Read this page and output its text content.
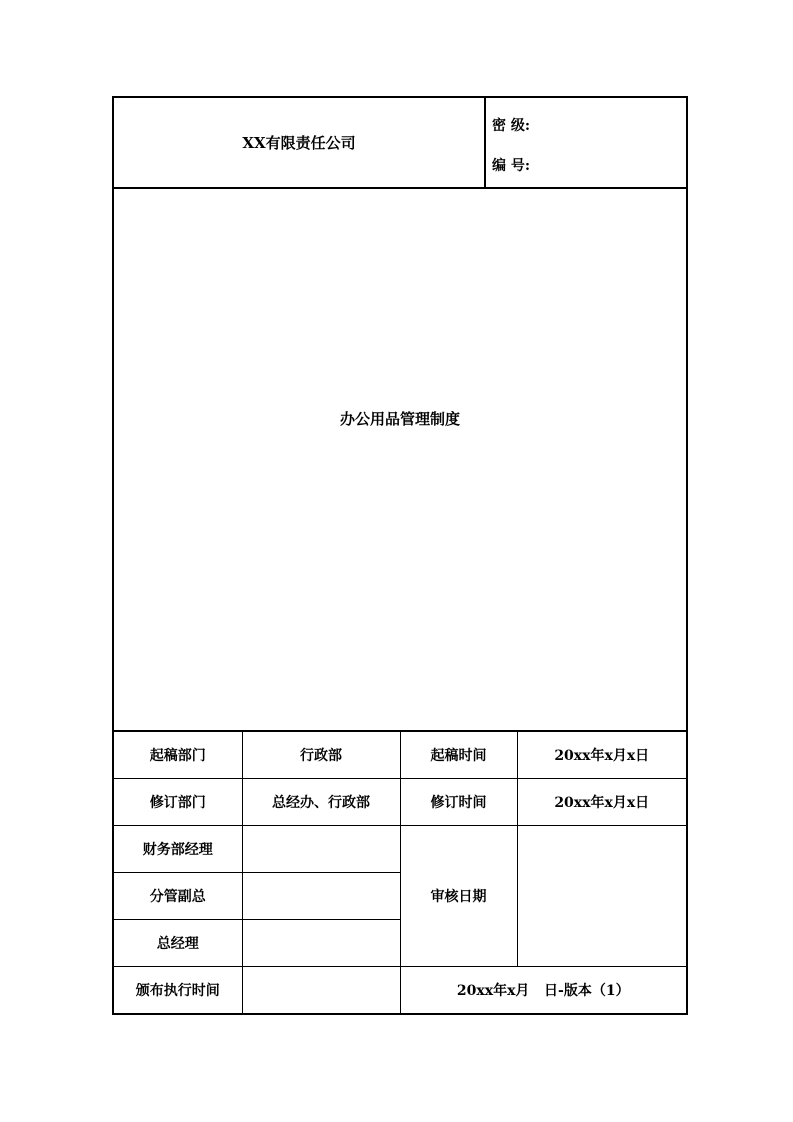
XX有限责任公司
密 级:
编 号:
办公用品管理制度
起稿部门	行政部	起稿时间	20xx年x月x日
修订部门	总经办、行政部	修订时间	20xx年x月x日
财务部经理		审核日期	
分管副总			
总经理			
颁布执行时间		20xx年x月   日-版本（1）	
